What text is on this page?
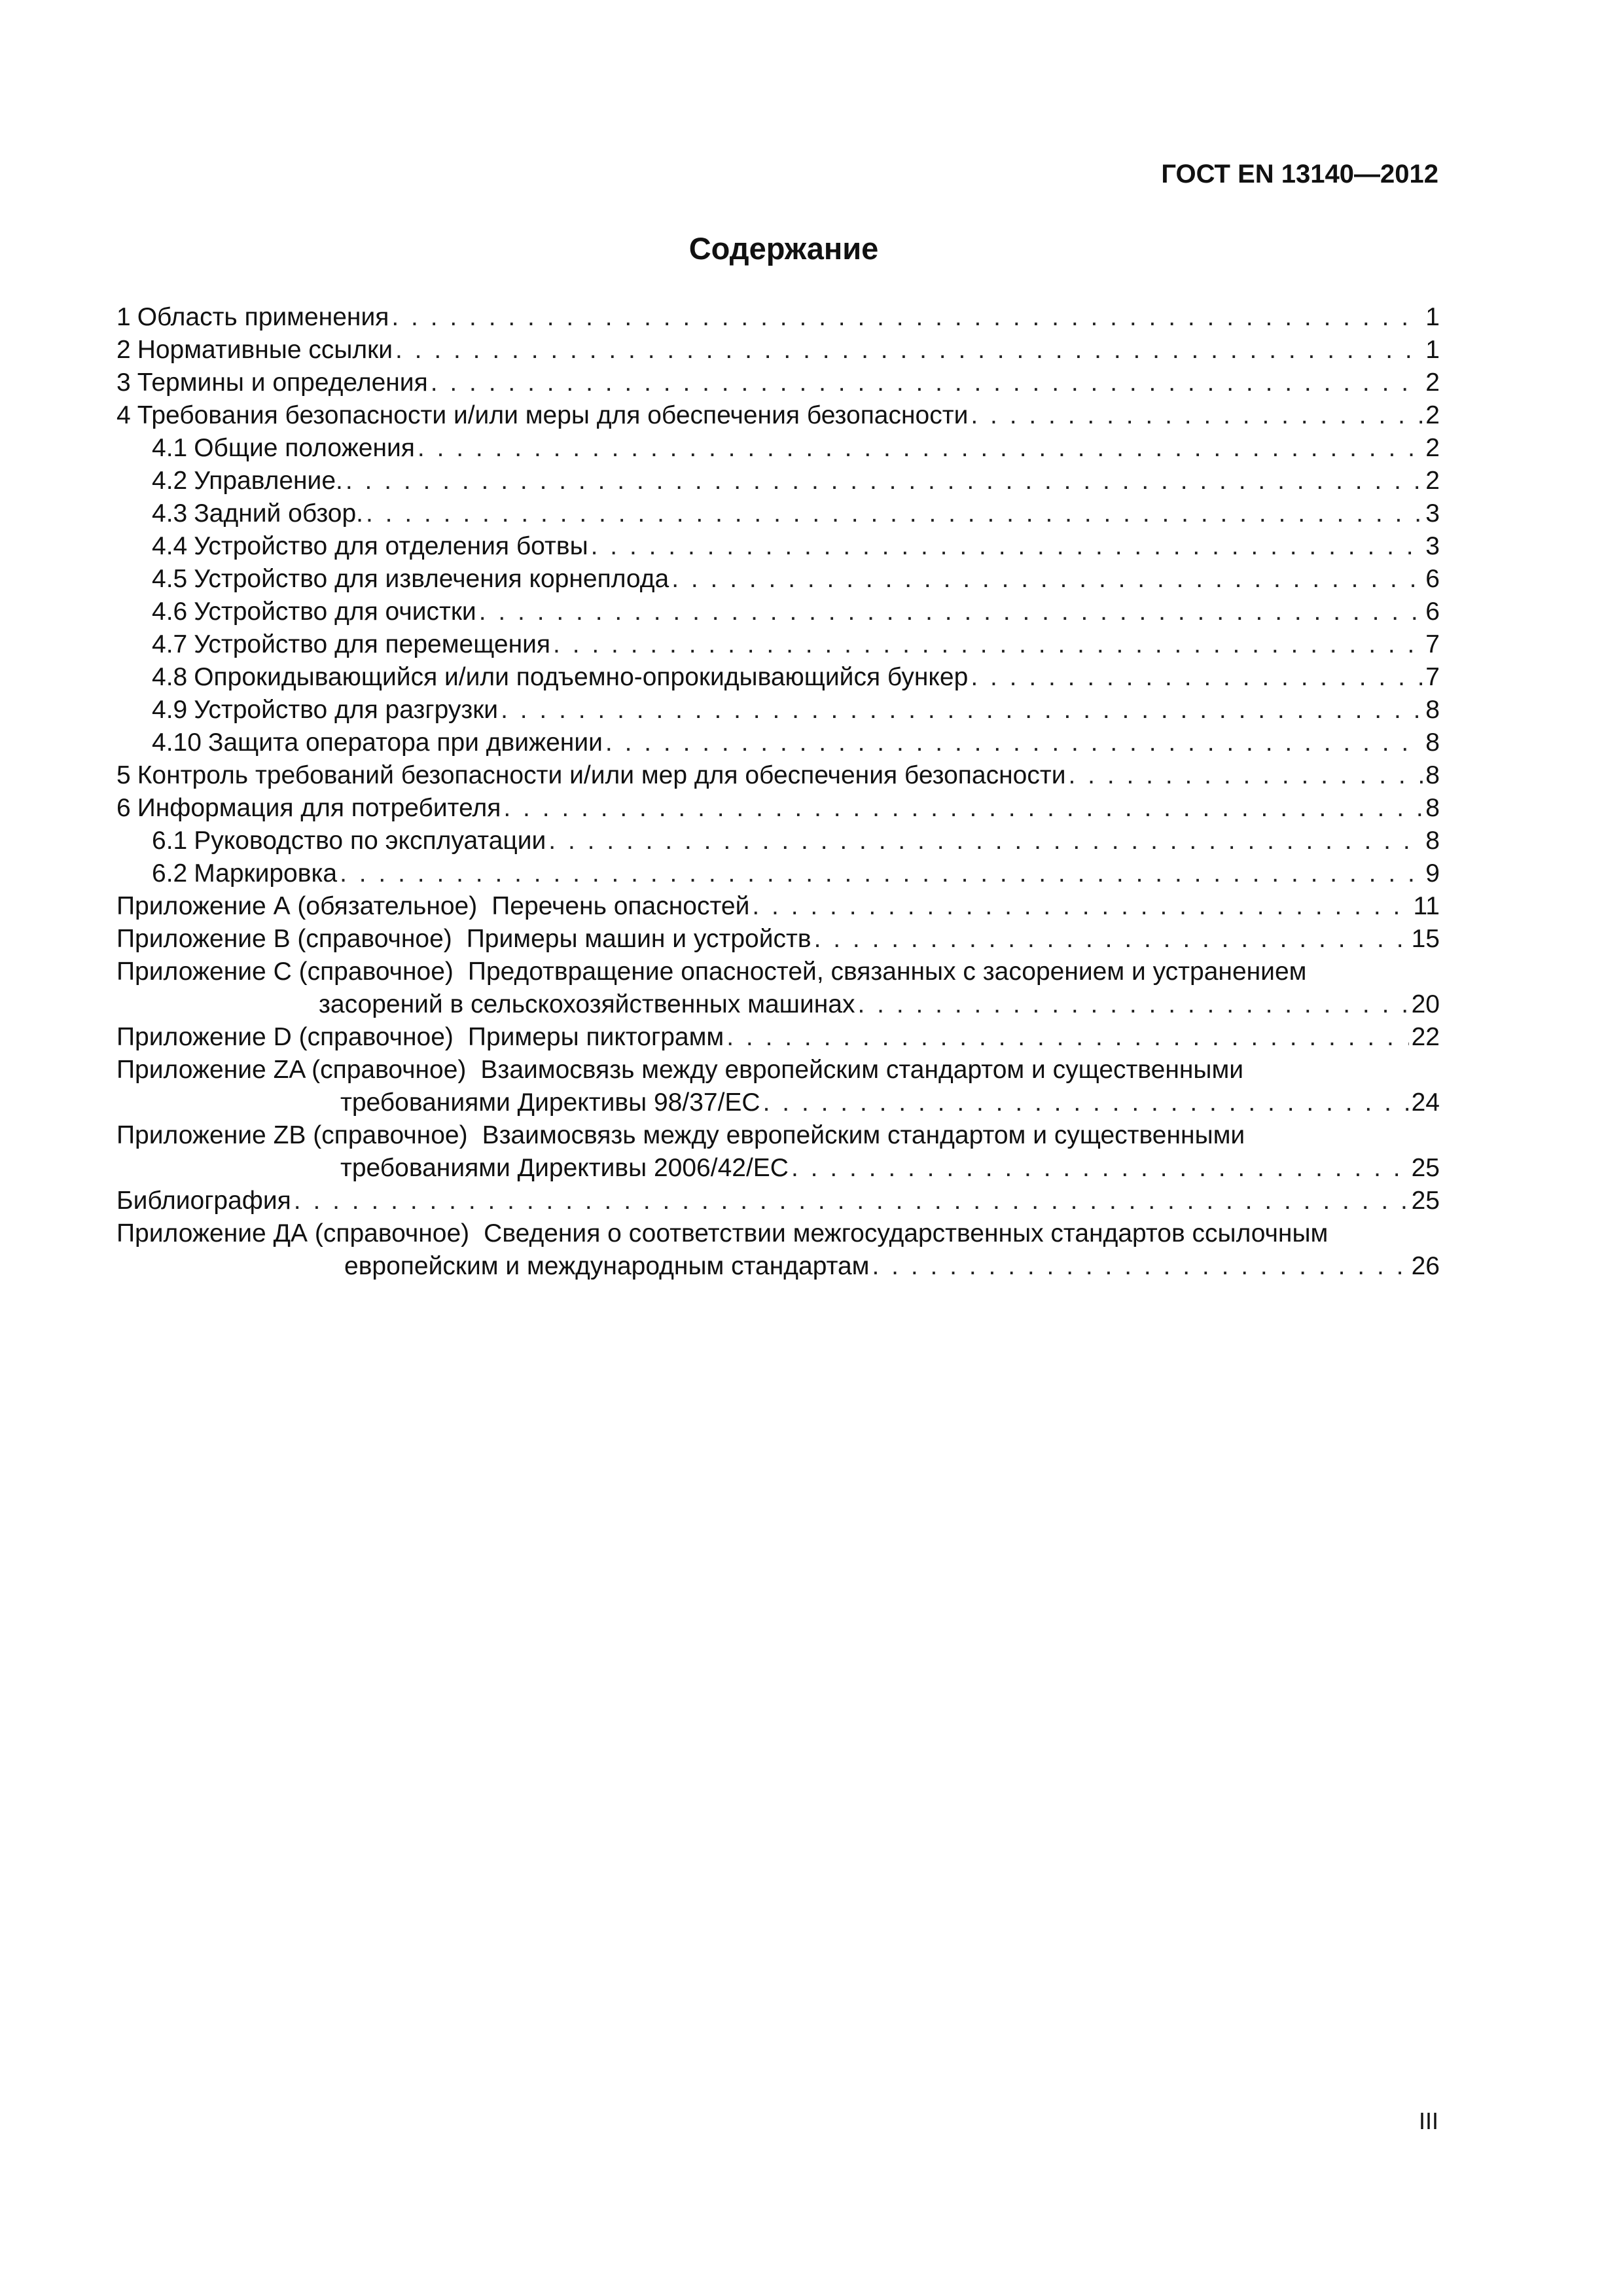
ГОСТ EN 13140—2012
Содержание
1 Область применения . . .	1
2 Нормативные ссылки . . .	1
3 Термины и определения . . .	2
4 Требования безопасности и/или меры для обеспечения безопасности . . .	2
4.1 Общие положения . . .	2
4.2 Управление. . . .	2
4.3 Задний обзор. . . .	3
4.4 Устройство для отделения ботвы . . .	3
4.5 Устройство для извлечения корнеплода . . .	6
4.6 Устройство для очистки . . .	6
4.7 Устройство для перемещения . . .	7
4.8 Опрокидывающийся и/или подъемно-опрокидывающийся бункер . . .	7
4.9 Устройство для разгрузки . . .	8
4.10 Защита оператора при движении . . .	8
5 Контроль требований безопасности и/или мер для обеспечения безопасности . . .	8
6 Информация для потребителя . . .	8
6.1 Руководство по эксплуатации . . .	8
6.2 Маркировка . . .	9
Приложение А (обязательное) Перечень опасностей . . .	11
Приложение В (справочное) Примеры машин и устройств . . .	15
Приложение С (справочное) Предотвращение опасностей, связанных с засорением и устранением
засорений в сельскохозяйственных машинах . . .	20
Приложение D (справочное) Примеры пиктограмм . . .	22
Приложение ZA (справочное) Взаимосвязь между европейским стандартом и существенными
требованиями Директивы 98/37/ЕС . . .	24
Приложение ZB (справочное) Взаимосвязь между европейским стандартом и существенными
требованиями Директивы 2006/42/ЕС . . .	25
Библиография . . .	25
Приложение ДА (справочное) Сведения о соответствии межгосударственных стандартов ссылочным
европейским и международным стандартам . . .	26
III
